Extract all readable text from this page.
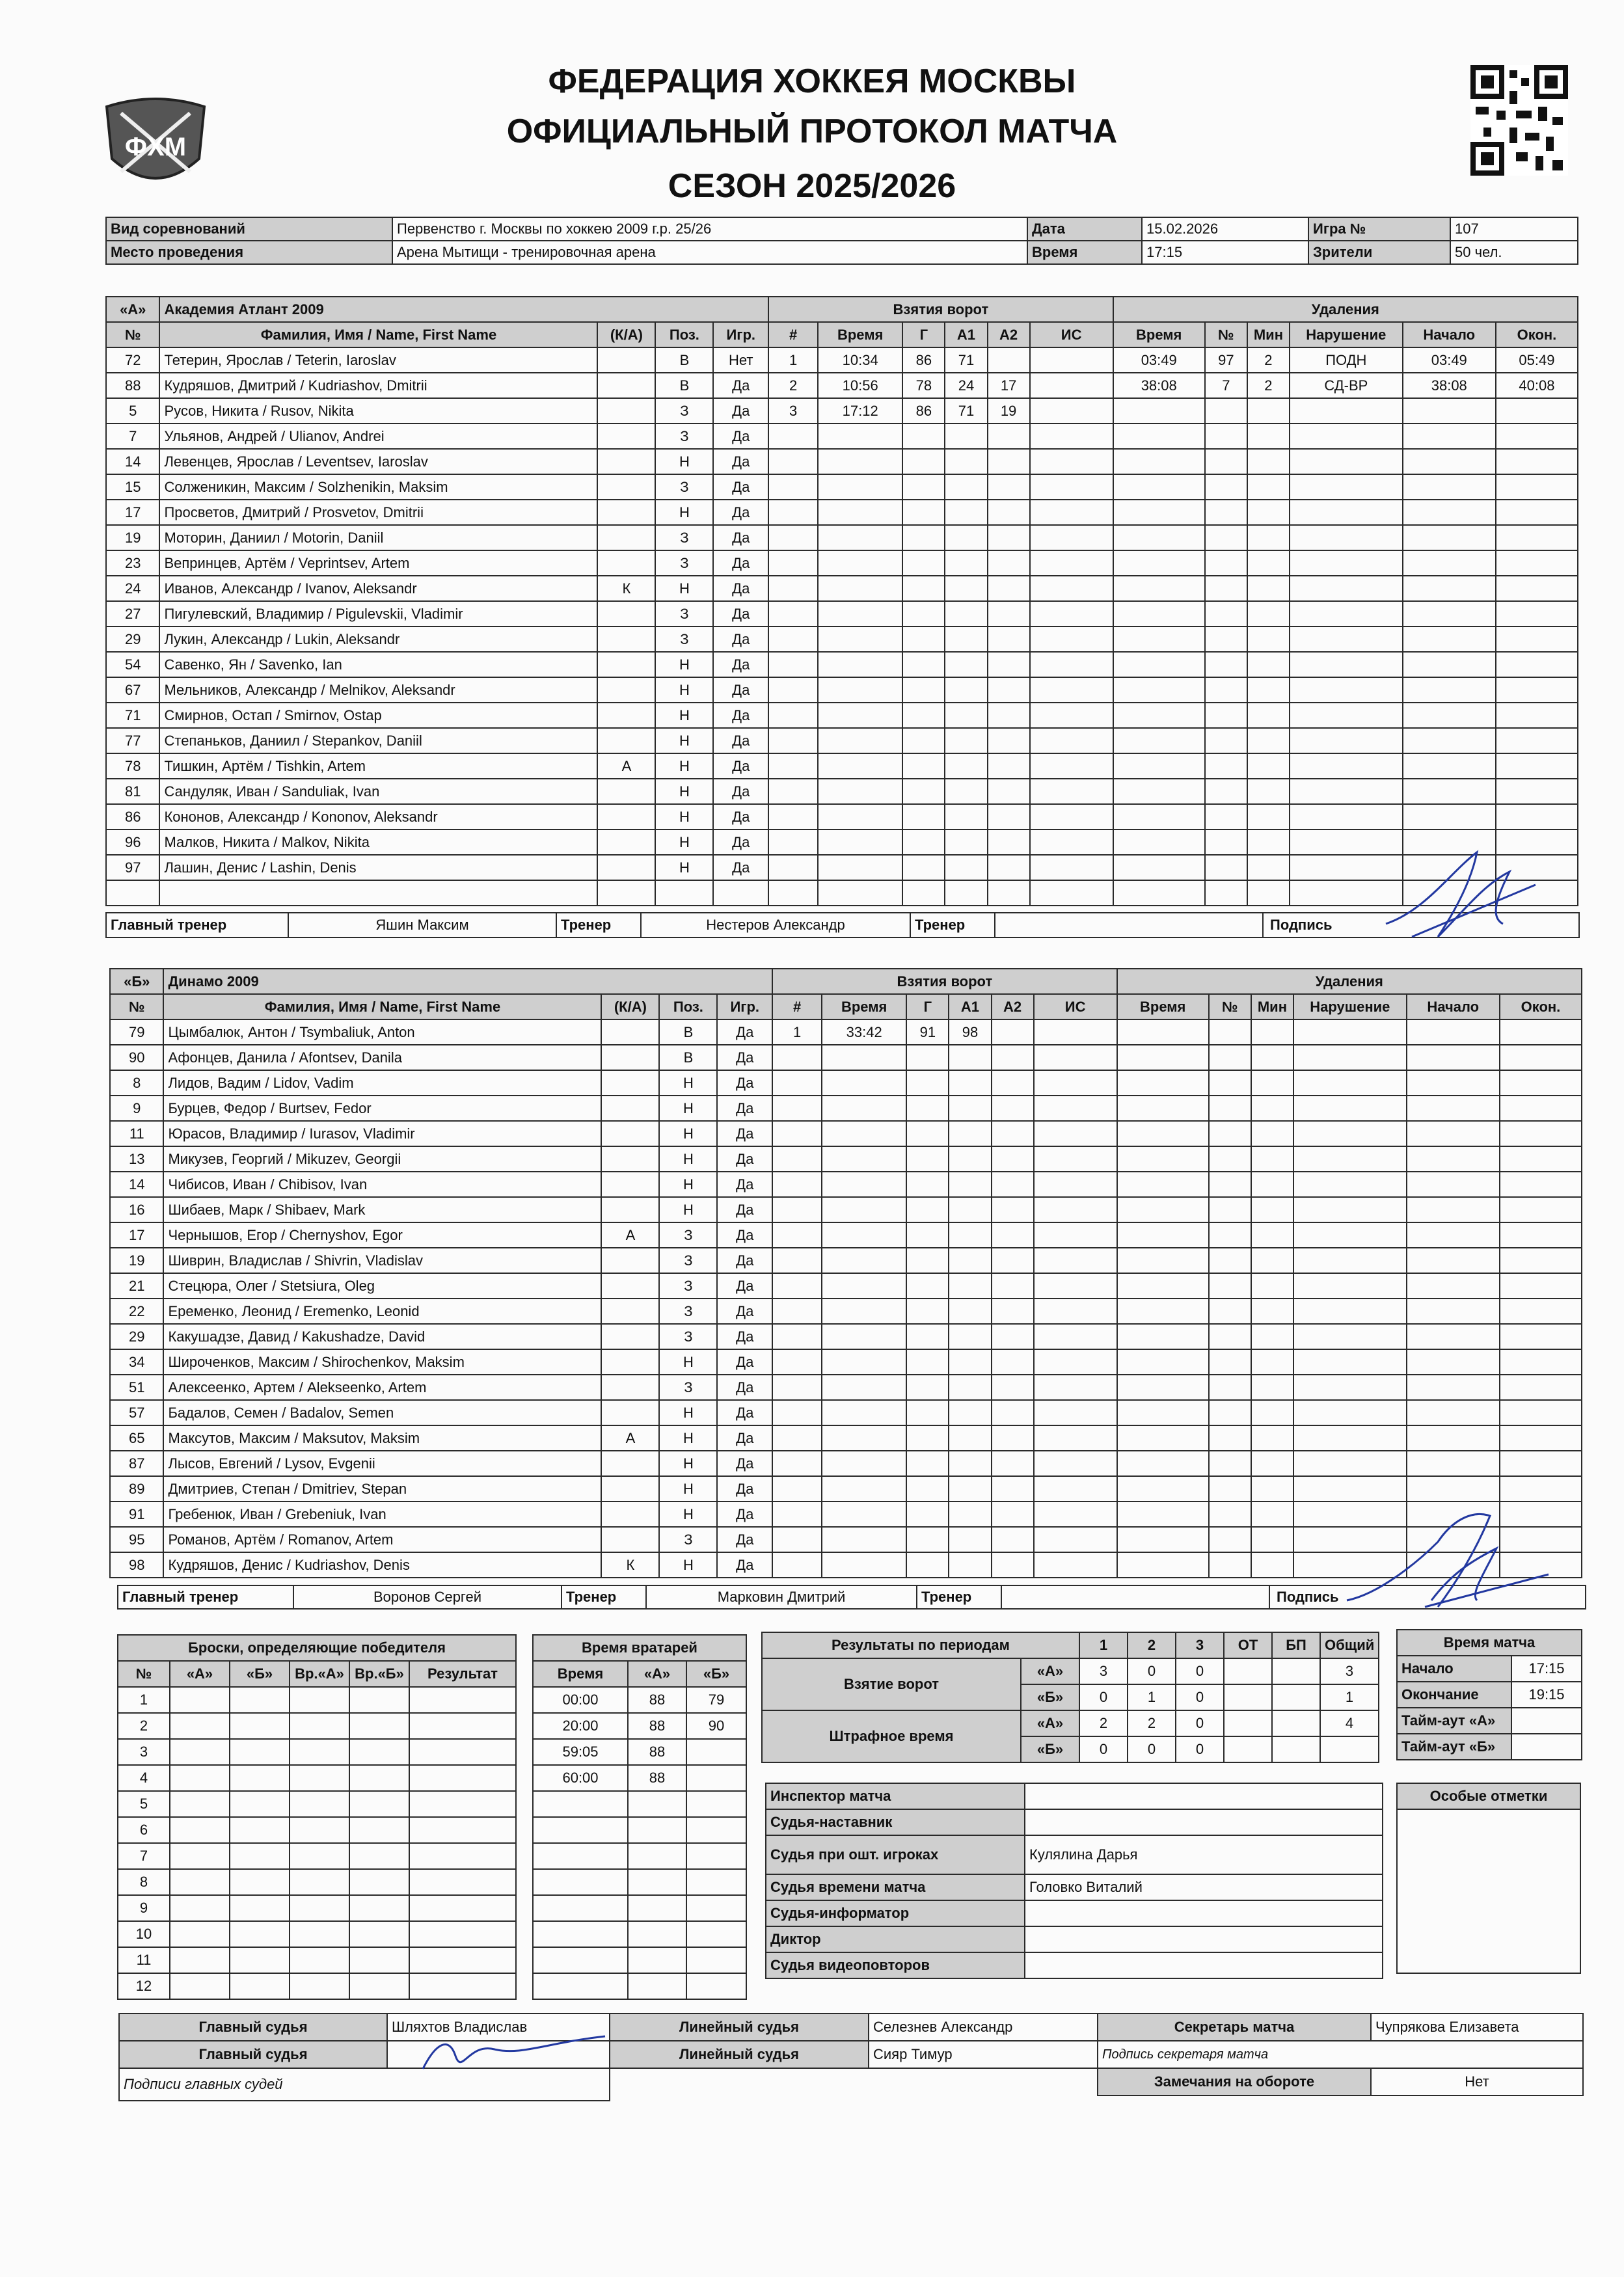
ФХМ
ФЕДЕРАЦИЯ ХОККЕЯ МОСКВЫ
ОФИЦИАЛЬНЫЙ ПРОТОКОЛ МАТЧА
СЕЗОН 2025/2026
Вид соревнований	Первенство г. Москвы по хоккею 2009 г.р. 25/26	Дата	15.02.2026	Игра №	107
Место проведения	Арена Мытищи - тренировочная арена	Время	17:15	Зрители	50 чел.
«А»	Академия Атлант 2009				Взятия ворот						Удаления					
№	Фамилия, Имя / Name, First Name	(К/А)	Поз.	Игр.	#	Время	Г	А1	А2	ИС	Время	№	Мин	Нарушение	Начало	Окон.
72	Тетерин, Ярослав / Teterin, Iaroslav		В	Нет	1	10:34	86	71			03:49	97	2	ПОДН	03:49	05:49
88	Кудряшов, Дмитрий / Kudriashov, Dmitrii		В	Да	2	10:56	78	24	17		38:08	7	2	СД-ВР	38:08	40:08
5	Русов, Никита / Rusov, Nikita		З	Да	3	17:12	86	71	19							
7	Ульянов, Андрей / Ulianov, Andrei		З	Да												
14	Левенцев, Ярослав / Leventsev, Iaroslav		Н	Да												
15	Солженикин, Максим / Solzhenikin, Maksim		З	Да												
17	Просветов, Дмитрий / Prosvetov, Dmitrii		Н	Да												
19	Моторин, Даниил / Motorin, Daniil		З	Да												
23	Вепринцев, Артём / Veprintsev, Artem		З	Да												
24	Иванов, Александр / Ivanov, Aleksandr	К	Н	Да												
27	Пигулевский, Владимир / Pigulevskii, Vladimir		З	Да												
29	Лукин, Александр / Lukin, Aleksandr		З	Да												
54	Савенко, Ян / Savenko, Ian		Н	Да												
67	Мельников, Александр / Melnikov, Aleksandr		Н	Да												
71	Смирнов, Остап / Smirnov, Ostap		Н	Да												
77	Степаньков, Даниил / Stepankov, Daniil		Н	Да												
78	Тишкин, Артём / Tishkin, Artem	А	Н	Да												
81	Сандуляк, Иван / Sanduliak, Ivan		Н	Да												
86	Кононов, Александр / Kononov, Aleksandr		Н	Да												
96	Малков, Никита / Malkov, Nikita		Н	Да												
97	Лашин, Денис / Lashin, Denis		Н	Да												

Главный тренер	Яшин Максим	Тренер	Нестеров Александр	Тренер		Подпись
«Б»	Динамо 2009				Взятия ворот						Удаления					
№	Фамилия, Имя / Name, First Name	(К/А)	Поз.	Игр.	#	Время	Г	А1	А2	ИС	Время	№	Мин	Нарушение	Начало	Окон.
79	Цымбалюк, Антон / Tsymbaliuk, Anton		В	Да	1	33:42	91	98								
90	Афонцев, Данила / Afontsev, Danila		В	Да												
8	Лидов, Вадим / Lidov, Vadim		Н	Да												
9	Бурцев, Федор / Burtsev, Fedor		Н	Да												
11	Юрасов, Владимир / Iurasov, Vladimir		Н	Да												
13	Микузев, Георгий / Mikuzev, Georgii		Н	Да												
14	Чибисов, Иван / Chibisov, Ivan		Н	Да												
16	Шибаев, Марк / Shibaev, Mark		Н	Да												
17	Чернышов, Егор / Chernyshov, Egor	А	З	Да												
19	Шиврин, Владислав / Shivrin, Vladislav		З	Да												
21	Стецюра, Олег / Stetsiura, Oleg		З	Да												
22	Еременко, Леонид / Eremenko, Leonid		З	Да												
29	Какушадзе, Давид / Kakushadze, David		З	Да												
34	Широченков, Максим / Shirochenkov, Maksim		Н	Да												
51	Алексеенко, Артем / Alekseenko, Artem		З	Да												
57	Бадалов, Семен / Badalov, Semen		Н	Да												
65	Максутов, Максим / Maksutov, Maksim	А	Н	Да												
87	Лысов, Евгений / Lysov, Evgenii		Н	Да												
89	Дмитриев, Степан / Dmitriev, Stepan		Н	Да												
91	Гребенюк, Иван / Grebeniuk, Ivan		Н	Да												
95	Романов, Артём / Romanov, Artem		З	Да												
98	Кудряшов, Денис / Kudriashov, Denis	К	Н	Да												
Главный тренер	Воронов Сергей	Тренер	Марковин Дмитрий	Тренер		Подпись
Броски, определяющие победителя					
№	«А»	«Б»	Вр.«А»	Вр.«Б»	Результат
1					
2					
3					
4					
5					
6					
7					
8					
9					
10					
11					
12					
Время вратарей		
Время	«А»	«Б»
00:00	88	79
20:00	88	90
59:05	88	
60:00	88	

Результаты по периодам		1	2	3	ОТ	БП	Общий
Взятие ворот	«А»	3	0	0			3
	«Б»	0	1	0			1
Штрафное время	«А»	2	2	0			4
	«Б»	0	0	0			
Время матча	
Начало	17:15
Окончание	19:15
Тайм-аут «А»	
Тайм-аут «Б»	
Инспектор матча	
Судья-наставник	
Судья при ошт. игроках	Кулялина Дарья
Судья времени матча	Головко Виталий
Судья-информатор	
Диктор	
Судья видеоповторов	
Особые отметки

Главный судья	Шляхтов Владислав
Главный судья	
Подписи главных судей	
Линейный судья	Селезнев Александр
Линейный судья	Сияр Тимур
Секретарь матча	Чупрякова Елизавета
Подпись секретаря матча	
Замечания на обороте	Нет
